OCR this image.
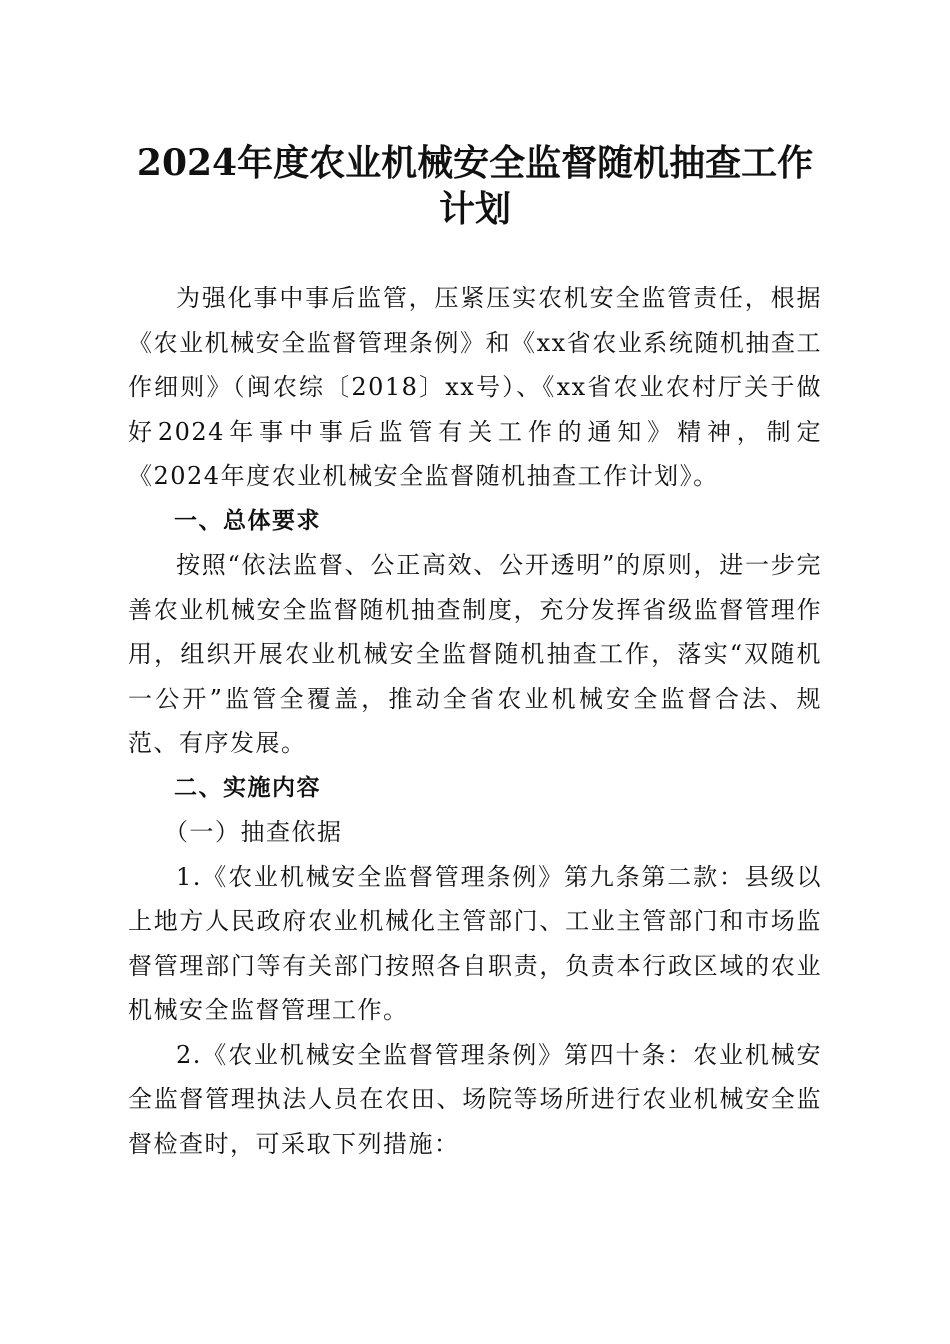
2024年度农业机械安全监督随机抽查工作计划

为强化事中事后监管，压紧压实农机安全监管责任，根据《农业机械安全监督管理条例》和《xx省农业系统随机抽查工作细则》（闽农综〔2018〕xx号）、《xx省农业农村厅关于做好2024年事中事后监管有关工作的通知》精神，制定《2024年度农业机械安全监督随机抽查工作计划》。

一、总体要求

按照“依法监督、公正高效、公开透明”的原则，进一步完善农业机械安全监督随机抽查制度，充分发挥省级监督管理作用，组织开展农业机械安全监督随机抽查工作，落实“双随机一公开”监管全覆盖，推动全省农业机械安全监督合法、规范、有序发展。

二、实施内容

（一）抽查依据

1.《农业机械安全监督管理条例》第九条第二款：县级以上地方人民政府农业机械化主管部门、工业主管部门和市场监督管理部门等有关部门按照各自职责，负责本行政区域的农业机械安全监督管理工作。

2.《农业机械安全监督管理条例》第四十条：农业机械安全监督管理执法人员在农田、场院等场所进行农业机械安全监督检查时，可采取下列措施：
